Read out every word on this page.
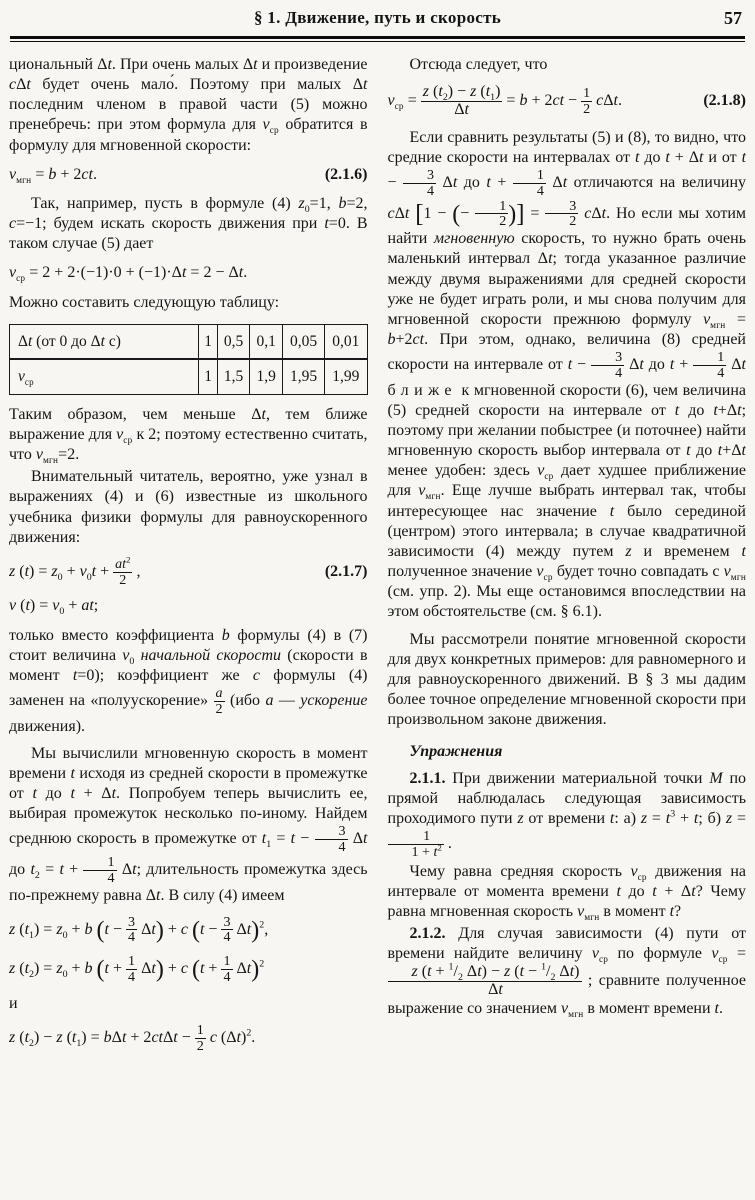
§ 1. Движение, путь и скорость	57

циональный Δt. При очень малых Δt и произведение cΔt будет очень мало́. Поэтому при малых Δt последним членом в правой части (5) можно пренебречь: при этом формула для $v_{ср}$ обратится в формулу для мгновенной скорости:

$v_{мгн} = b + 2ct$.	(2.1.6)

Так, например, пусть в формуле (4) $z_0=1$, b=2, c=−1; будем искать скорость движения при t=0. В таком случае (5) дает

$v_{ср} = 2 + 2\cdot(-1)\cdot 0 + (-1)\cdot\Delta t = 2 - \Delta t$.

Можно составить следующую таблицу:

Δt (от 0 до Δt с)	1	0,5	0,1	0,05	0,01
$v_{ср}$	1	1,5	1,9	1,95	1,99

Таким образом, чем меньше Δt, тем ближе выражение для $v_{ср}$ к 2; поэтому естественно считать, что $v_{мгн}=2$.

Внимательный читатель, вероятно, уже узнал в выражениях (4) и (6) известные из школьного учебника физики формулы для равноускоренного движения:

z $(t) = z_0 + v_0t + \frac{at^2}{2}$ ,	(2.1.7)
v $(t) = v_0$ + at;

только вместо коэффициента b формулы (4) в (7) стоит величина $v_0$ начальной скорости (скорости в момент t=0); коэффициент же c формулы (4) заменен на «полуускорение» $\frac{a}{2} (ибо$ a — ускорение движения).

Мы вычислили мгновенную скорость в момент времени t исходя из средней скорости в промежутке от t до t + Δt. Попробуем теперь вычислить ее, выбирая промежуток несколько по-иному. Найдем среднюю скорость в промежутке от $t_1 = t - \frac{3}{4}$ Δt до $t_2 = t + \frac{1}{4} \Delta t$; длительность промежутка здесь по-прежнему равна Δt. В силу (4) имеем

z $(t_1) = z_0 + b$ $(t - \frac{3}{4} \Delta t) + c$ $(t - \frac{3}{4} \Delta t)^2$,
z $(t_2) = z_0 + b$ $(t + \frac{1}{4} \Delta t) + c$ $(t + \frac{1}{4} \Delta t)^2$

и

z $(t_2) - z$ $(t_1) = b\Delta t + 2ct\Delta t - \frac{1}{2}$ c $(\Delta t)^2$.

Отсюда следует, что

$v_{ср} = \frac{z (t_2) - z (t_1)}{\Delta t} = b + 2ct - \frac{1}{2} c\Delta t$.	(2.1.8)

Если сравнить результаты (5) и (8), то видно, что средние скорости на интервалах от t до t + Δt и от $t - \frac{3}{4}$ Δt до $t + \frac{1}{4}$ Δt отличаются на величину cΔt [1 − (− $\frac{1}{2}$ )] = $\frac{3}{2} c\Delta t$. Но если мы хотим найти мгновенную скорость, то нужно брать очень маленький интервал Δt; тогда указанное различие между двумя выражениями для средней скорости уже не будет играть роли, и мы снова получим для мгновенной скорости прежнюю формулу $v_{мгн} = b+2ct$. При этом, однако, величина (8) средней скорости на интервале от $t - \frac{3}{4}$ Δt до $t + \frac{1}{4}$ Δt ближе к мгновенной скорости (6), чем величина (5) средней скорости на интервале от t до t+Δt; поэтому при желании побыстрее (и поточнее) найти мгновенную скорость выбор интервала от t до t+Δt менее удобен: здесь $v_{ср}$ дает худшее приближение для $v_{мгн}$. Еще лучше выбрать интервал так, чтобы интересующее нас значение t было серединой (центром) этого интервала; в случае квадратичной зависимости (4) между путем z и временем t полученное значение $v_{ср}$ будет точно совпадать с $v_{мгн}$ (см. упр. 2). Мы еще остановимся впоследствии на этом обстоятельстве (см. § 6.1).

Мы рассмотрели понятие мгновенной скорости для двух конкретных примеров: для равномерного и для равноускоренного движений. В § 3 мы дадим более точное определение мгновенной скорости при произвольном законе движения.

Упражнения

2.1.1. При движении материальной точки M по прямой наблюдалась следующая зависимость проходимого пути z от времени t: а) $z = t^3 + t$; б) z =
$\frac{1}{1 + t^2}$ .

Чему равна средняя скорость $v_{ср}$ движения на интервале от момента времени t до t + Δt? Чему равна мгновенная скорость $v_{мгн}$ в момент t?

2.1.2. Для случая зависимости (4) пути от времени найдите величину $v_{ср}$ по формуле $v_{ср}$ =
$\frac{z (t + ^1/_2 \Delta t) - z (t - ^1/_2 \Delta t)}{\Delta t}$ ; сравните полученное выражение со значением $v_{мгн}$ в момент времени t.
